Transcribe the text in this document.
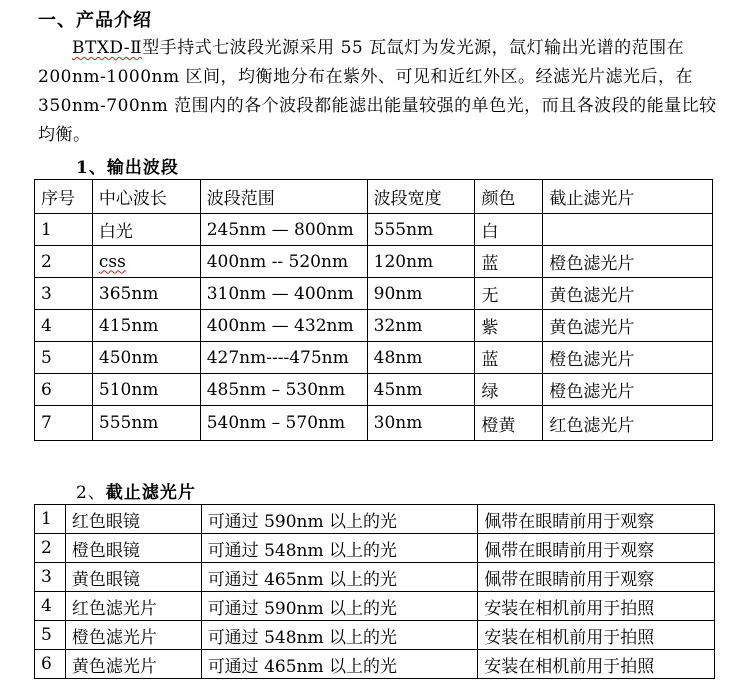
一、产品介绍
BTXD-Ⅱ型手持式七波段光源采用 55 瓦氙灯为发光源，氙灯输出光谱的范围在 200nm-1000nm 区间，均衡地分布在紫外、可见和近红外区。经滤光片滤光后，在 350nm-700nm 范围内的各个波段都能滤出能量较强的单色光，而且各波段的能量比较均衡。
1、输出波段
序号	中心波长	波段范围	波段宽度	颜色	截止滤光片
1	白光	245nm — 800nm	555nm	白	
2	css	400nm -- 520nm	120nm	蓝	橙色滤光片
3	365nm	310nm — 400nm	90nm	无	黄色滤光片
4	415nm	400nm — 432nm	32nm	紫	黄色滤光片
5	450nm	427nm----475nm	48nm	蓝	橙色滤光片
6	510nm	485nm – 530nm	45nm	绿	橙色滤光片
7	555nm	540nm – 570nm	30nm	橙黄	红色滤光片
2、截止滤光片
1	红色眼镜	可通过 590nm 以上的光	佩带在眼睛前用于观察
2	橙色眼镜	可通过 548nm 以上的光	佩带在眼睛前用于观察
3	黄色眼镜	可通过 465nm 以上的光	佩带在眼睛前用于观察
4	红色滤光片	可通过 590nm 以上的光	安装在相机前用于拍照
5	橙色滤光片	可通过 548nm 以上的光	安装在相机前用于拍照
6	黄色滤光片	可通过 465nm 以上的光	安装在相机前用于拍照
